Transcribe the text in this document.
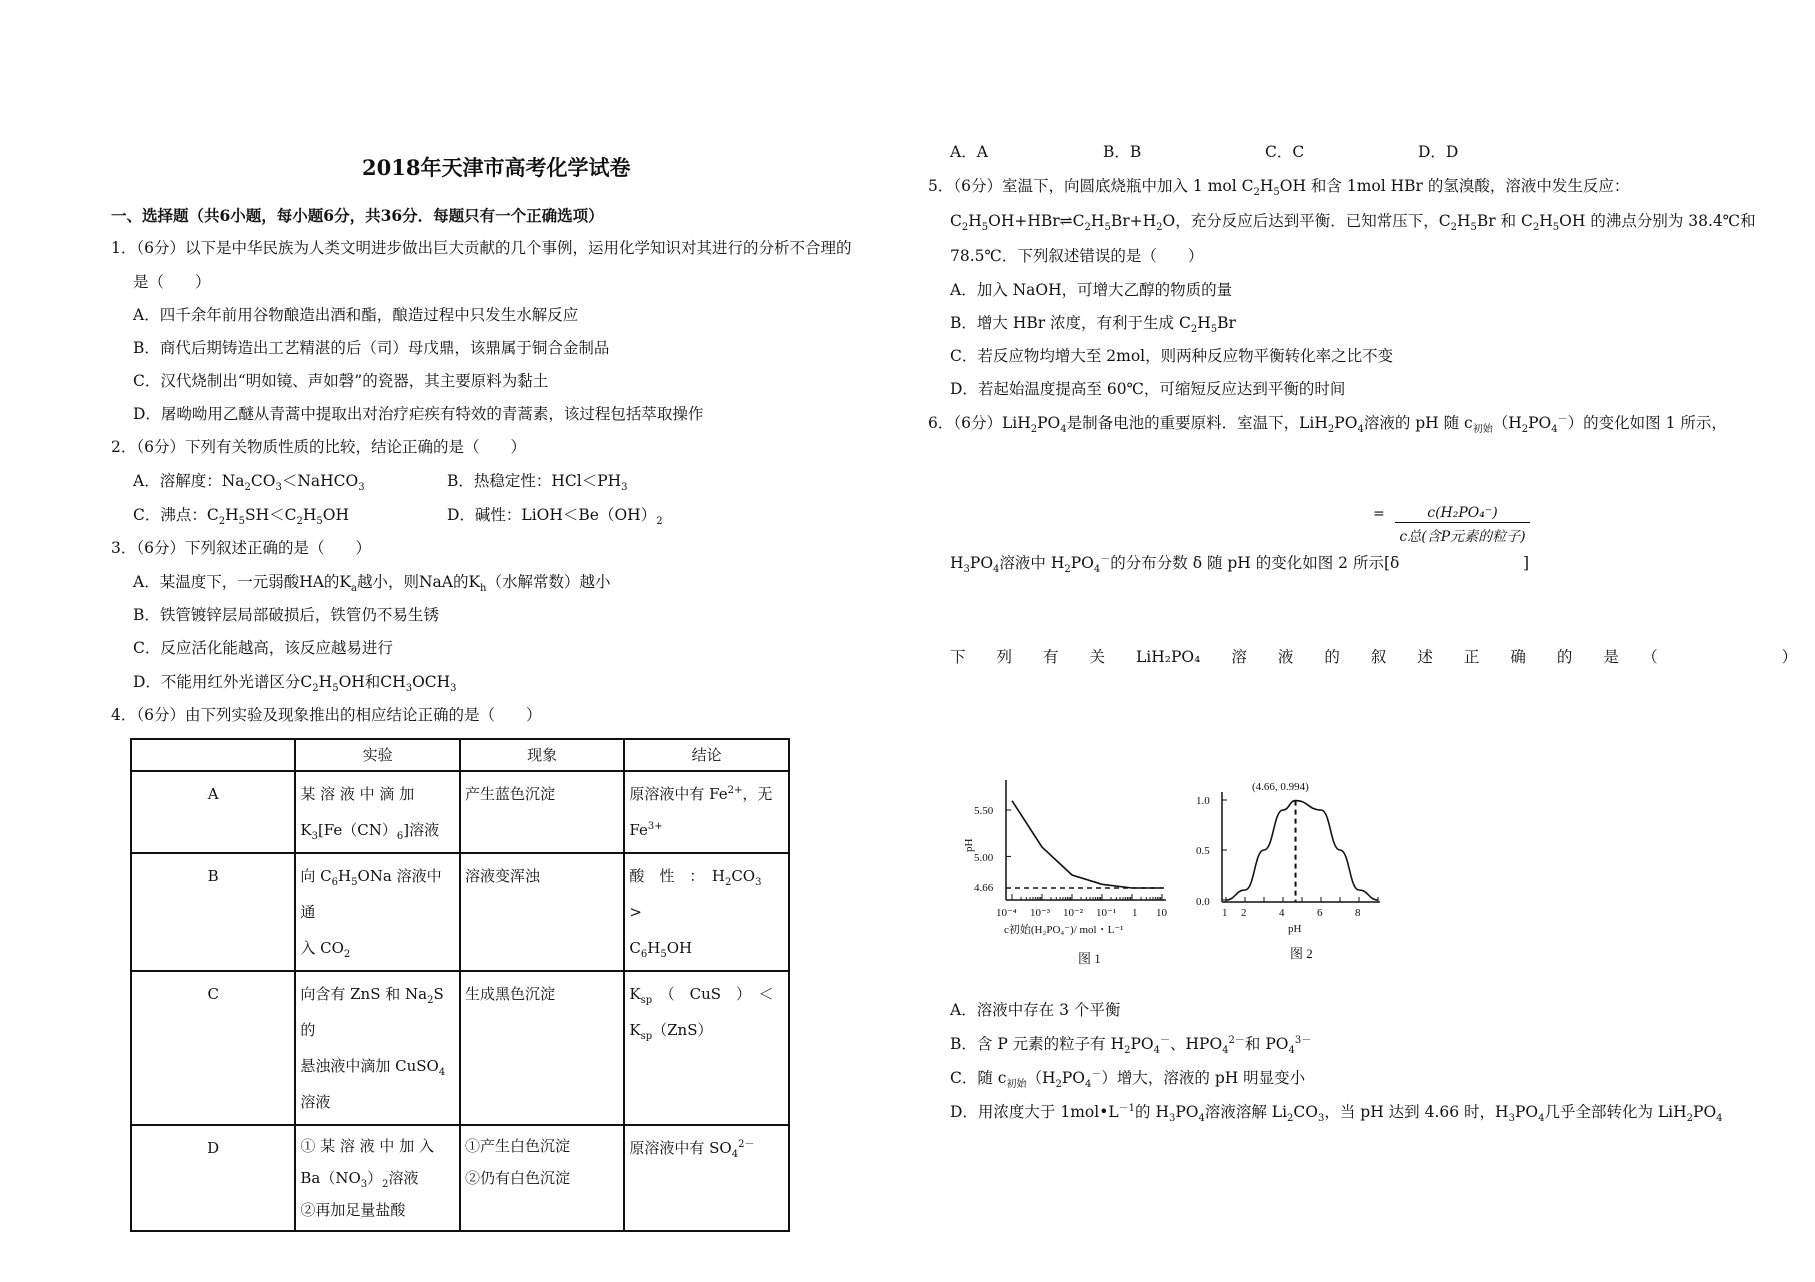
2018年天津市高考化学试卷
一、选择题（共6小题，每小题6分，共36分．每题只有一个正确选项）
1．（6分）以下是中华民族为人类文明进步做出巨大贡献的几个事例，运用化学知识对其进行的分析不合理的
是（　　）
A．四千余年前用谷物酿造出酒和酯，酿造过程中只发生水解反应
B．商代后期铸造出工艺精湛的后（司）母戊鼎，该鼎属于铜合金制品
C．汉代烧制出“明如镜、声如磬”的瓷器，其主要原料为黏土
D．屠呦呦用乙醚从青蒿中提取出对治疗疟疾有特效的青蒿素，该过程包括萃取操作
2．（6分）下列有关物质性质的比较，结论正确的是（　　）
A．溶解度：$Na_2CO_3<NaHCO_3$	B．热稳定性：$HCl<PH_3$
C．沸点：$C_2H_5SH<C_2H_5OH$	D．碱性：$LiOH<Be(OH)_2$
3．（6分）下列叙述正确的是（　　）
A．某温度下，一元弱酸HA的$K_a$越小，则NaA的$K_h$（水解常数）越小
B．铁管镀锌层局部破损后，铁管仍不易生锈
C．反应活化能越高，该反应越易进行
D．不能用红外光谱区分$C_2H_5OH$和$CH_3OCH_3$
4．（6分）由下列实验及现象推出的相应结论正确的是（　　）
	实验	现象	结论
A	某 溶 液 中 滴 加
$K_3[Fe(CN)_6]$溶液	产生蓝色沉淀	原溶液中有 $Fe^{2+}$，无
$Fe^{3+}$
B	向 $C_6H_5ONa$ 溶液中通
入 $CO_2$	溶液变浑浊	酸　性　：　$H_2CO_3$　>
$C_6H_5OH$
C	向含有 ZnS 和 $Na_2S$ 的
悬浊液中滴加 CuSO$_4$
溶液	生成黑色沉淀	$K_{sp}$　（　CuS　）　＜
$K_{sp}(ZnS)$
D	① 某 溶 液 中 加 入
$Ba(NO_3)_2$溶液
②再加足量盐酸	①产生白色沉淀
②仍有白色沉淀	原溶液中有 $SO_4^{2-}$
A．A	B．B	C．C	D．D
5．（6分）室温下，向圆底烧瓶中加入 1 mol $C_2H_5OH$ 和含 1mol HBr 的氢溴酸，溶液中发生反应：
$C_2H_5OH+HBr\rightleftharpoons C_2H_5Br+H_2O$，充分反应后达到平衡．已知常压下，$C_2H_5Br$ 和 $C_2H_5OH$ 的沸点分别为 38.4℃和
78.5℃．下列叙述错误的是（　　）
A．加入 NaOH，可增大乙醇的物质的量
B．增大 HBr 浓度，有利于生成 $C_2H_5Br$
C．若反应物均增大至 2mol，则两种反应物平衡转化率之比不变
D．若起始温度提高至 60℃，可缩短反应达到平衡的时间
6．（6分）$LiH_2PO_4$是制备电池的重要原料．室温下，$LiH_2PO_4$溶液的 pH 随 $c_{初始}(H_2PO_4^-)$的变化如图 1 所示，
=	c(H₂PO₄⁻)
c总(含P元素的粒子)
$H_3PO_4$溶液中 $H_2PO_4^-$的分布分数 δ 随 pH 的变化如图 2 所示[δ	]
下　　列　　有　　关　　LiH₂PO₄　　溶　　液　　的　　叙　　述　　正　　确　　的　　是　　（　　　　　　　　）
pH
5.50
5.00
4.66
10⁻⁴ 10⁻³ 10⁻² 10⁻¹ 1 10
c初始(H₂PO₄⁻)/ mol・L⁻¹
图 1
(4.66, 0.994)
1.0
0.5
0.0
1 2	4	6	8
pH
图 2
A．溶液中存在 3 个平衡
B．含 P 元素的粒子有 $H_2PO_4^-$、$HPO_4^{2-}$和 $PO_4^{3-}$
C．随 $c_{初始}(H_2PO_4^-)$增大，溶液的 pH 明显变小
D．用浓度大于 $1mol•L^{-1}$的 $H_3PO_4$溶液溶解 $Li_2CO_3$，当 pH 达到 4.66 时，$H_3PO_4$几乎全部转化为 $LiH_2PO_4$
